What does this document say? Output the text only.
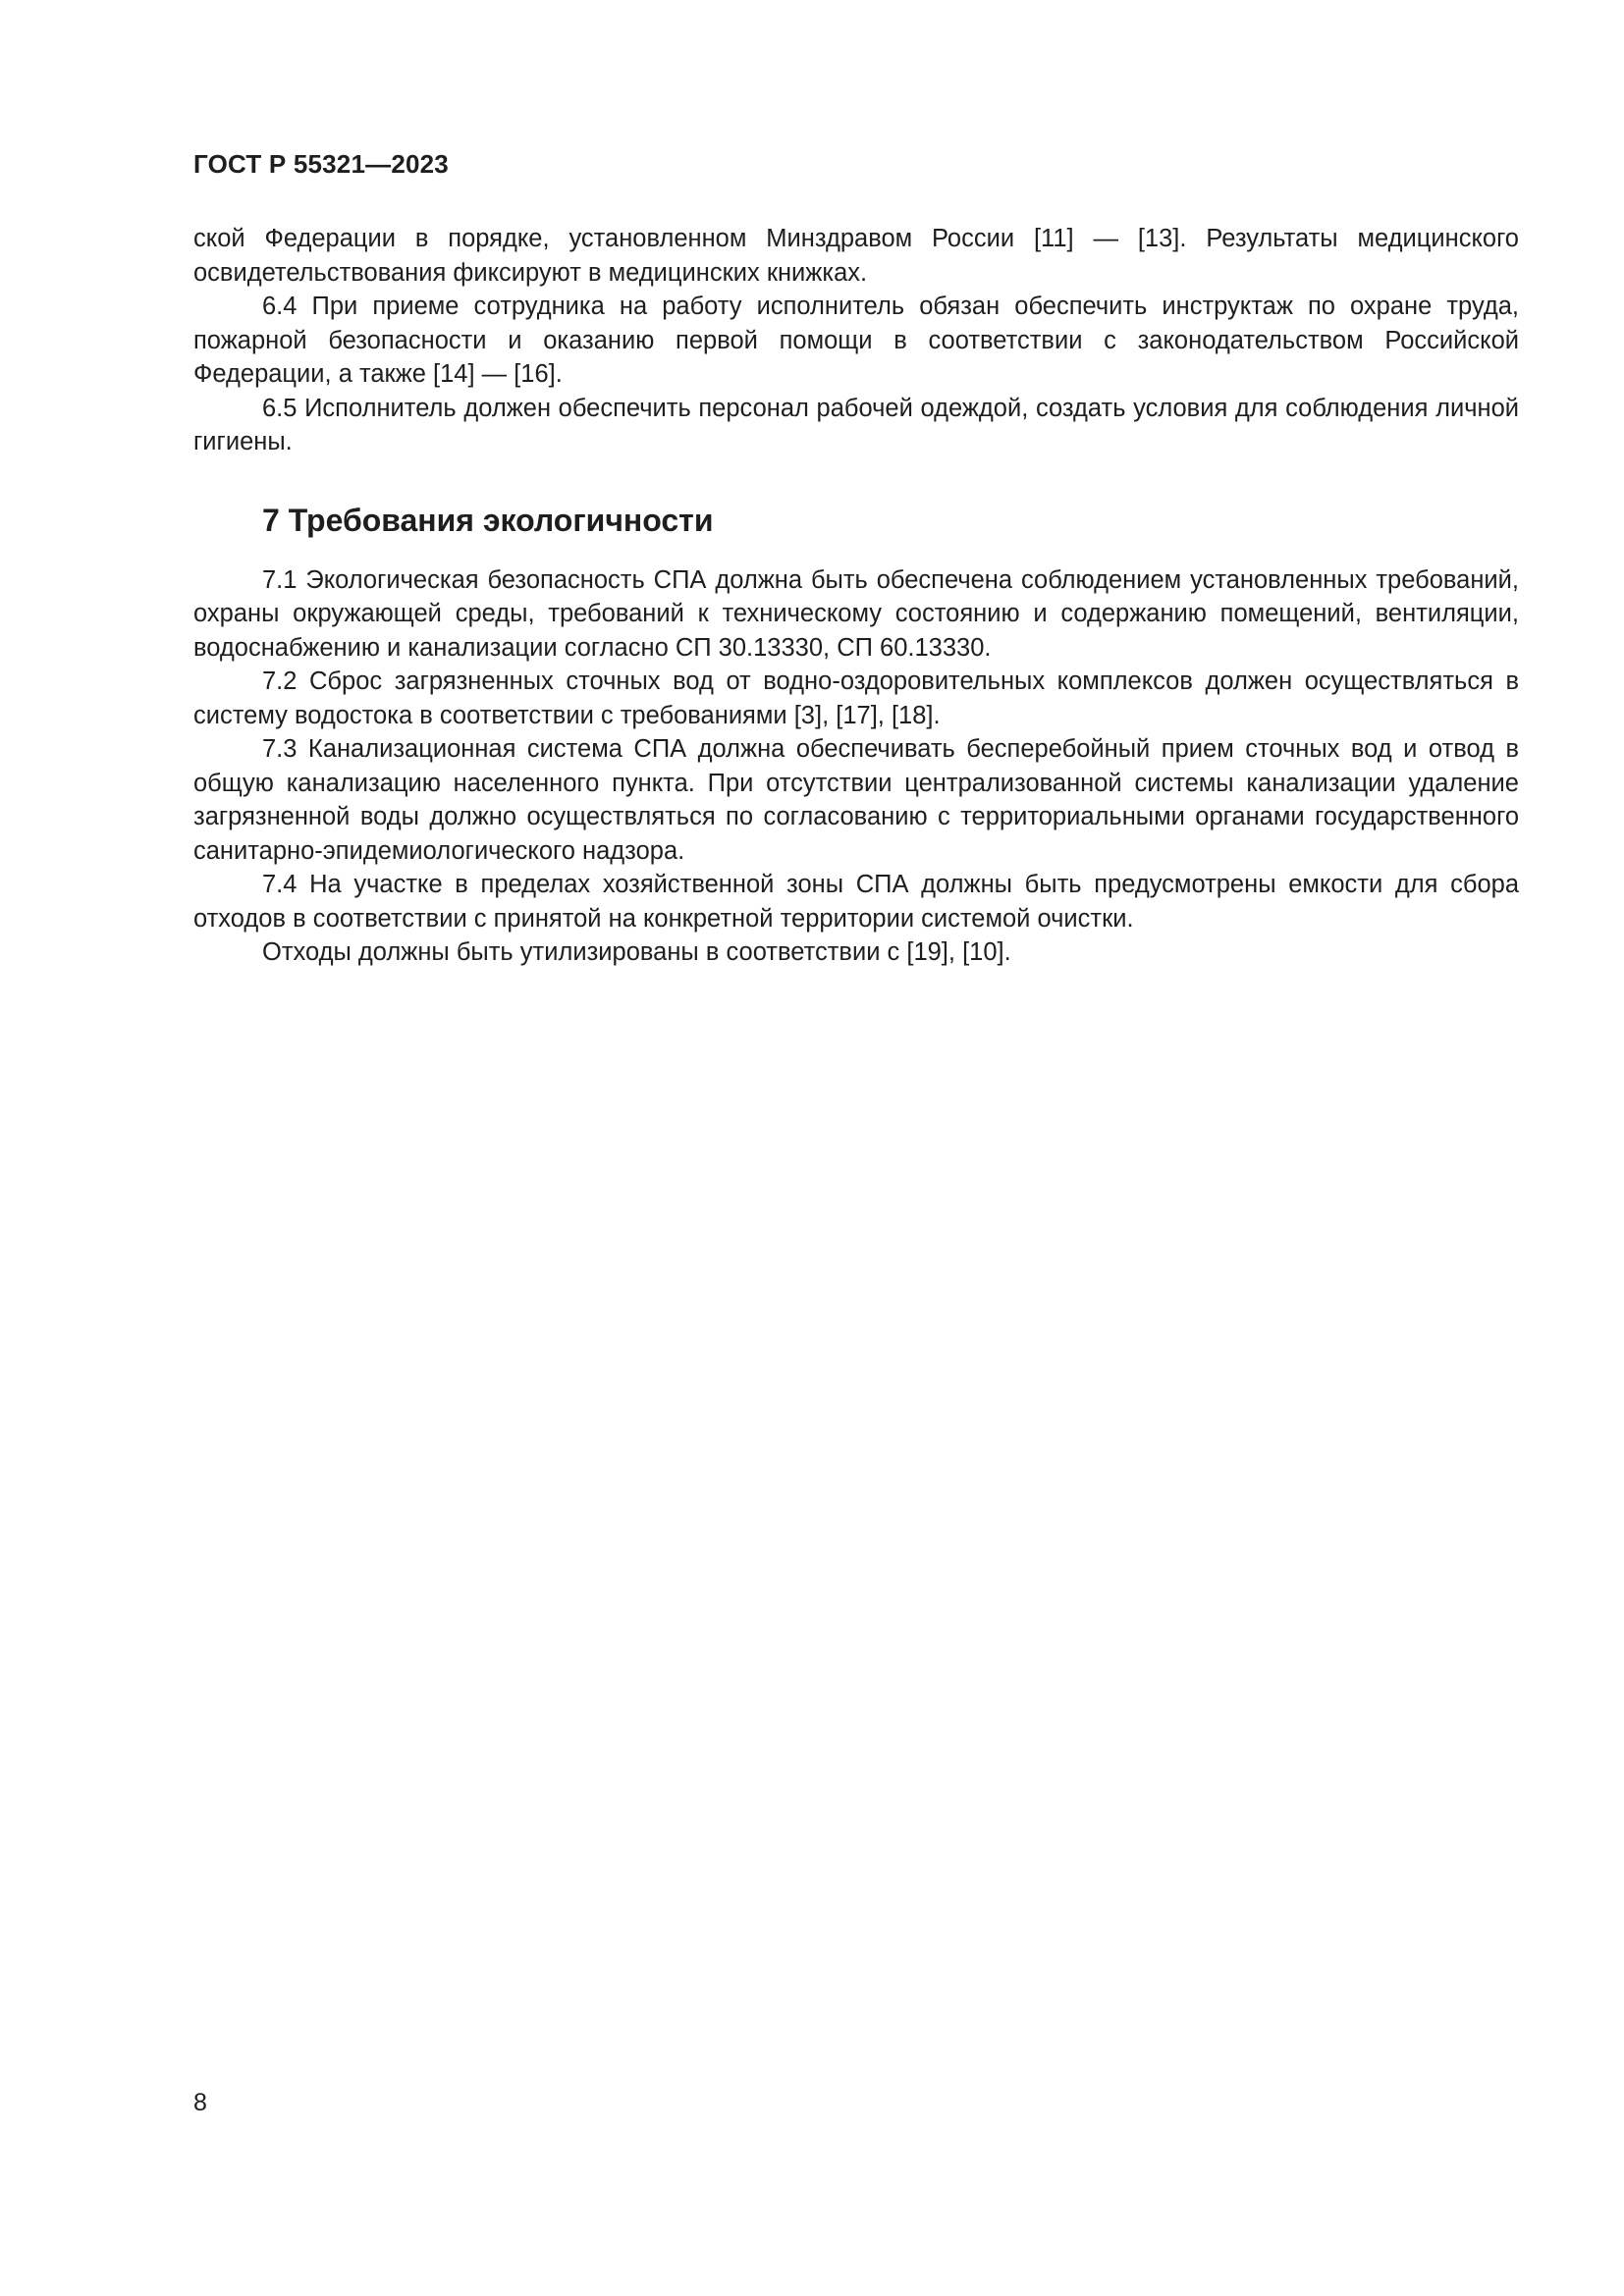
ГОСТ Р 55321—2023

ской Федерации в порядке, установленном Минздравом России [11] — [13]. Результаты медицинского освидетельствования фиксируют в медицинских книжках.

6.4 При приеме сотрудника на работу исполнитель обязан обеспечить инструктаж по охране труда, пожарной безопасности и оказанию первой помощи в соответствии с законодательством Российской Федерации, а также [14] — [16].

6.5 Исполнитель должен обеспечить персонал рабочей одеждой, создать условия для соблюдения личной гигиены.

7 Требования экологичности

7.1 Экологическая безопасность СПА должна быть обеспечена соблюдением установленных требований, охраны окружающей среды, требований к техническому состоянию и содержанию помещений, вентиляции, водоснабжению и канализации согласно СП 30.13330, СП 60.13330.

7.2 Сброс загрязненных сточных вод от водно-оздоровительных комплексов должен осуществляться в систему водостока в соответствии с требованиями [3], [17], [18].

7.3 Канализационная система СПА должна обеспечивать бесперебойный прием сточных вод и отвод в общую канализацию населенного пункта. При отсутствии централизованной системы канализации удаление загрязненной воды должно осуществляться по согласованию с территориальными органами государственного санитарно-эпидемиологического надзора.

7.4 На участке в пределах хозяйственной зоны СПА должны быть предусмотрены емкости для сбора отходов в соответствии с принятой на конкретной территории системой очистки.

Отходы должны быть утилизированы в соответствии с [19], [10].

8
